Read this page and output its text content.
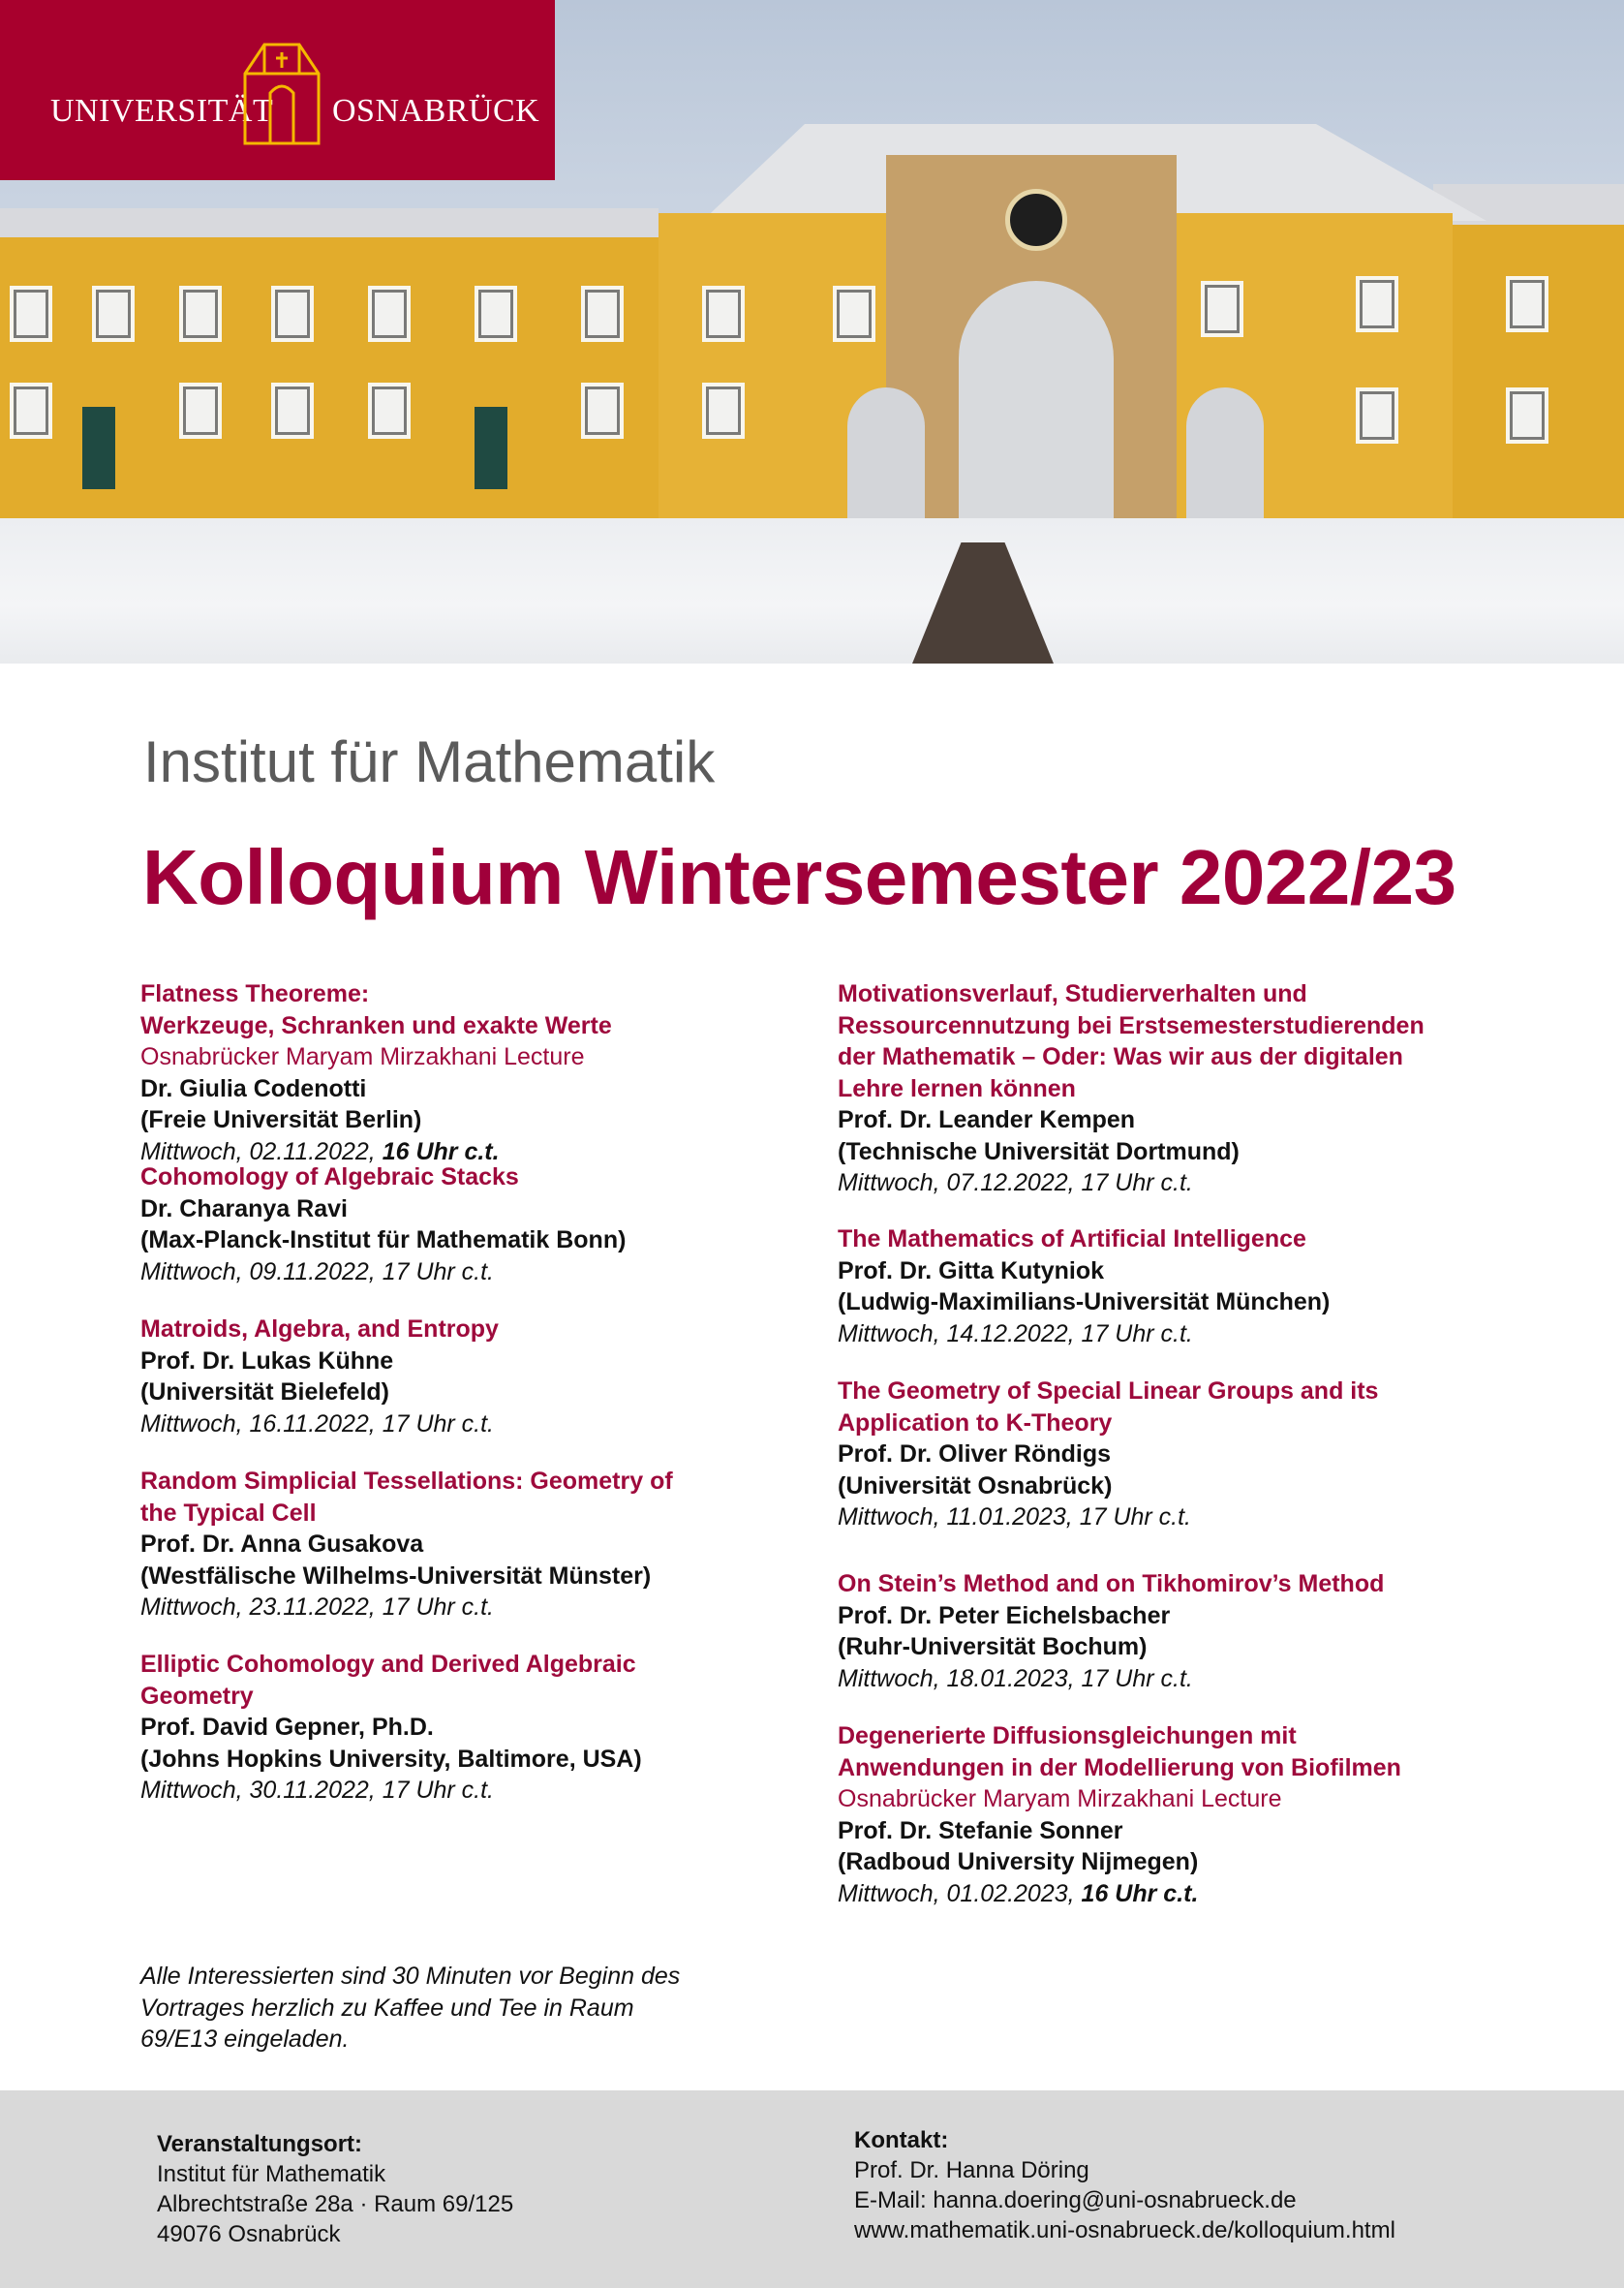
UNIVERSITÄT OSNABRÜCK
Institut für Mathematik
Kolloquium Wintersemester 2022/23
Flatness Theoreme:
Werkzeuge, Schranken und exakte Werte
Osnabrücker Maryam Mirzakhani Lecture
Dr. Giulia Codenotti
(Freie Universität Berlin)
Mittwoch, 02.11.2022, 16 Uhr c.t.
Cohomology of Algebraic Stacks
Dr. Charanya Ravi
(Max-Planck-Institut für Mathematik Bonn)
Mittwoch, 09.11.2022, 17 Uhr c.t.
Matroids, Algebra, and Entropy
Prof. Dr. Lukas Kühne
(Universität Bielefeld)
Mittwoch, 16.11.2022, 17 Uhr c.t.
Random Simplicial Tessellations: Geometry of
the Typical Cell
Prof. Dr. Anna Gusakova
(Westfälische Wilhelms-Universität Münster)
Mittwoch, 23.11.2022, 17 Uhr c.t.
Elliptic Cohomology and Derived Algebraic
Geometry
Prof. David Gepner, Ph.D.
(Johns Hopkins University, Baltimore, USA)
Mittwoch, 30.11.2022, 17 Uhr c.t.
Motivationsverlauf, Studierverhalten und
Ressourcennutzung bei Erstsemesterstudierenden
der Mathematik – Oder: Was wir aus der digitalen
Lehre lernen können
Prof. Dr. Leander Kempen
(Technische Universität Dortmund)
Mittwoch, 07.12.2022, 17 Uhr c.t.
The Mathematics of Artificial Intelligence
Prof. Dr. Gitta Kutyniok
(Ludwig-Maximilians-Universität München)
Mittwoch, 14.12.2022, 17 Uhr c.t.
The Geometry of Special Linear Groups and its
Application to K-Theory
Prof. Dr. Oliver Röndigs
(Universität Osnabrück)
Mittwoch, 11.01.2023, 17 Uhr c.t.
On Stein’s Method and on Tikhomirov’s Method
Prof. Dr. Peter Eichelsbacher
(Ruhr-Universität Bochum)
Mittwoch, 18.01.2023, 17 Uhr c.t.
Degenerierte Diffusionsgleichungen mit
Anwendungen in der Modellierung von Biofilmen
Osnabrücker Maryam Mirzakhani Lecture
Prof. Dr. Stefanie Sonner
(Radboud University Nijmegen)
Mittwoch, 01.02.2023, 16 Uhr c.t.
Alle Interessierten sind 30 Minuten vor Beginn des
Vortrages herzlich zu Kaffee und Tee in Raum
69/E13 eingeladen.
Veranstaltungsort:
Institut für Mathematik
Albrechtstraße 28a · Raum 69/125
49076 Osnabrück
Kontakt:
Prof. Dr. Hanna Döring
E-Mail: hanna.doering@uni-osnabrueck.de
www.mathematik.uni-osnabrueck.de/kolloquium.html
